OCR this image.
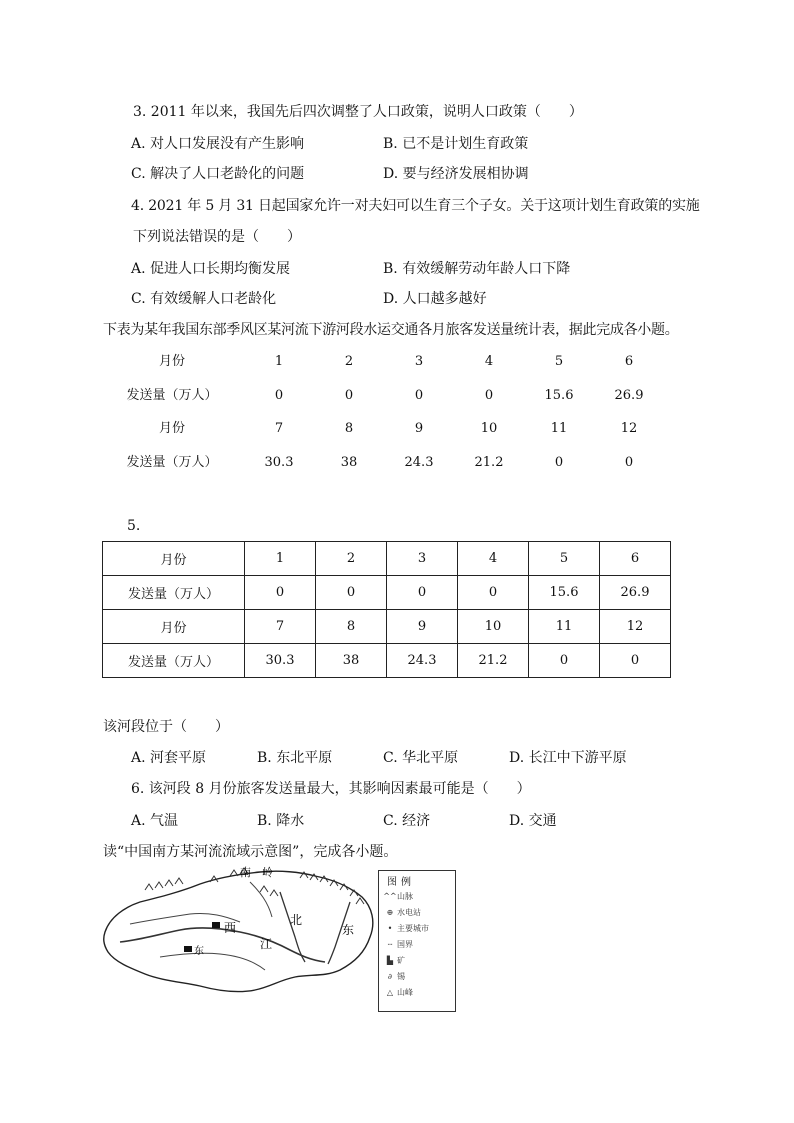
3. 2011 年以来，我国先后四次调整了人口政策，说明人口政策（　　）
A. 对人口发展没有产生影响	B. 已不是计划生育政策
C. 解决了人口老龄化的问题	D. 要与经济发展相协调
4. 2021 年 5 月 31 日起国家允许一对夫妇可以生育三个子女。关于这项计划生育政策的实施
下列说法错误的是（　　）
A. 促进人口长期均衡发展	B. 有效缓解劳动年龄人口下降
C. 有效缓解人口老龄化	D. 人口越多越好
下表为某年我国东部季风区某河流下游河段水运交通各月旅客发送量统计表，据此完成各小题。
月份	1	2	3	4	5	6
发送量（万人）	0	0	0	0	15.6	26.9
月份	7	8	9	10	11	12
发送量（万人）	30.3	38	24.3	21.2	0	0
5.
月份	1	2	3	4	5	6
发送量（万人）	0	0	0	0	15.6	26.9
月份	7	8	9	10	11	12
发送量（万人）	30.3	38	24.3	21.2	0	0
该河段位于（　　）
A. 河套平原	B. 东北平原	C. 华北平原	D. 长江中下游平原
6. 该河段 8 月份旅客发送量最大，其影响因素最可能是（　　）
A. 气温	B. 降水	C. 经济	D. 交通
读“中国南方某河流流域示意图”，完成各小题。
南　岭
西
江
北
东
东
图例
^^山脉
⊕ 水电站
• 主要城市
┄ 国界
▙ 矿
∂ 锡
△ 山峰
